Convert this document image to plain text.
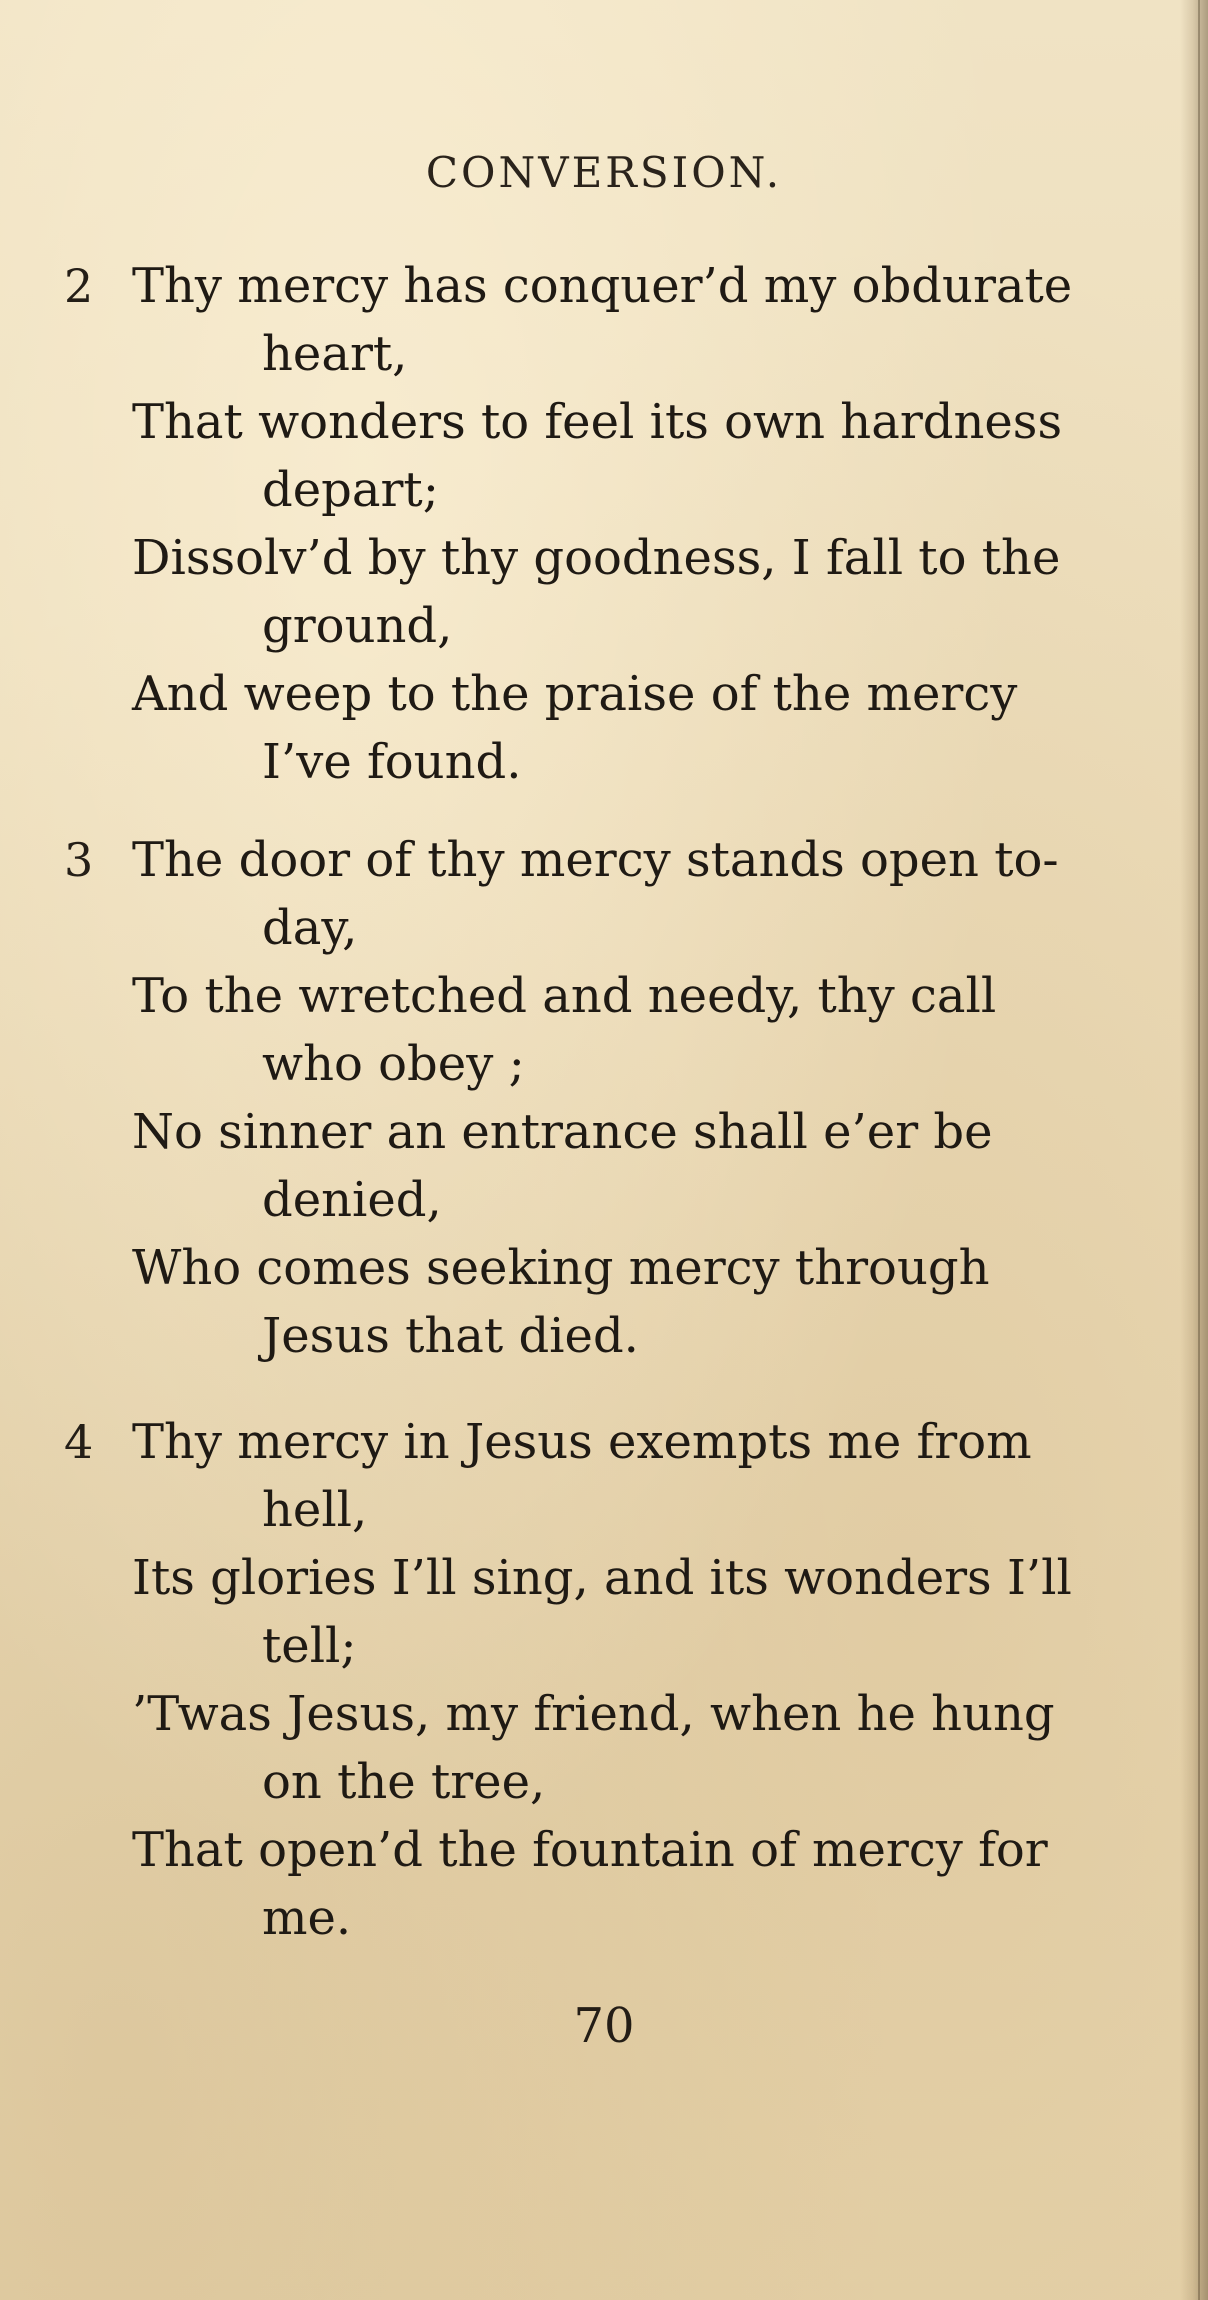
CONVERSION.
2 Thy mercy has conquer’d my obdurate
heart,
That wonders to feel its own hardness
depart;
Dissolv’d by thy goodness, I fall to the
ground,
And weep to the praise of the mercy
I’ve found.
3 The door of thy mercy stands open to-
day,
To the wretched and needy, thy call
who obey ;
No sinner an entrance shall e’er be
denied,
Who comes seeking mercy through
Jesus that died.
4 Thy mercy in Jesus exempts me from
hell,
Its glories I’ll sing, and its wonders I’ll
tell;
’Twas Jesus, my friend, when he hung
on the tree,
That open’d the fountain of mercy for
me.
70
